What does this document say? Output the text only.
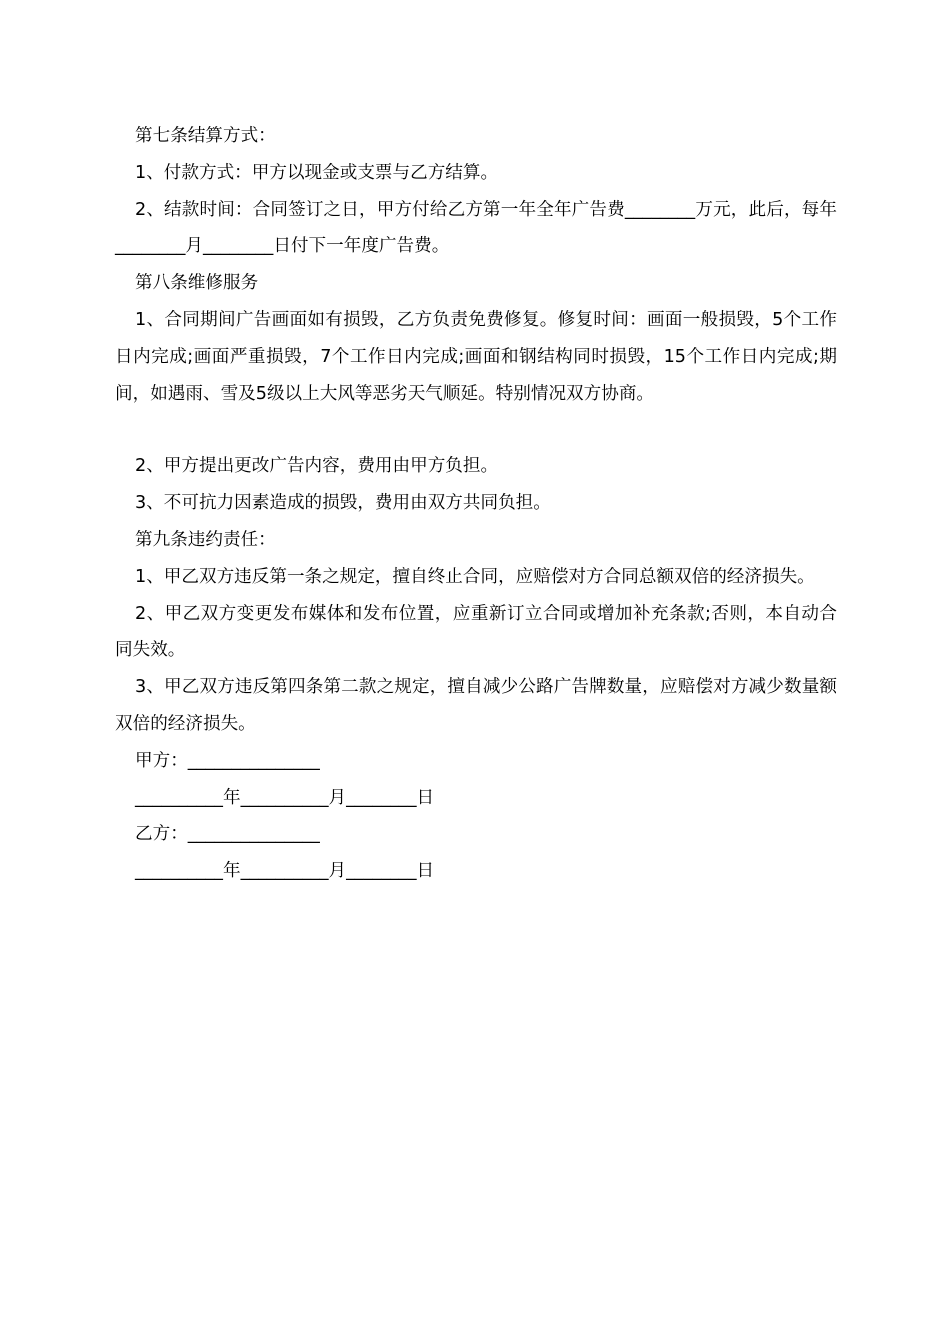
第七条结算方式：

1、付款方式：甲方以现金或支票与乙方结算。

2、结款时间：合同签订之日，甲方付给乙方第一年全年广告费________万元，此后，每年________月________日付下一年度广告费。

第八条维修服务

1、合同期间广告画面如有损毁，乙方负责免费修复。修复时间：画面一般损毁，5个工作日内完成;画面严重损毁，7个工作日内完成;画面和钢结构同时损毁，15个工作日内完成;期间，如遇雨、雪及5级以上大风等恶劣天气顺延。特别情况双方协商。

2、甲方提出更改广告内容，费用由甲方负担。

3、不可抗力因素造成的损毁，费用由双方共同负担。

第九条违约责任：

1、甲乙双方违反第一条之规定，擅自终止合同，应赔偿对方合同总额双倍的经济损失。

2、甲乙双方变更发布媒体和发布位置，应重新订立合同或增加补充条款;否则，本自动合同失效。

3、甲乙双方违反第四条第二款之规定，擅自减少公路广告牌数量，应赔偿对方减少数量额双倍的经济损失。

甲方：_______________

__________年__________月________日

乙方：_______________

__________年__________月________日
